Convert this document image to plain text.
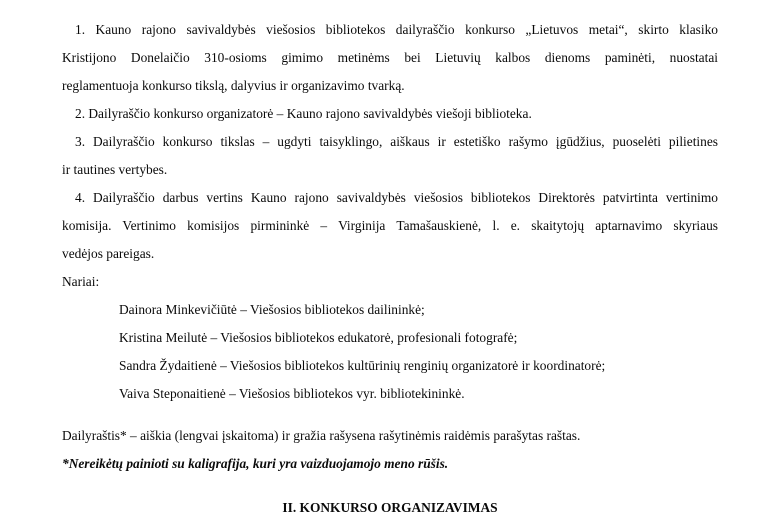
1. Kauno rajono savivaldybės viešosios bibliotekos dailyraščio konkurso „Lietuvos metai“, skirto klasiko
Kristijono Donelaičio 310-osioms gimimo metinėms bei Lietuvių kalbos dienoms paminėti, nuostatai
reglamentuoja konkurso tikslą, dalyvius ir organizavimo tvarką.

2. Dailyraščio konkurso organizatorė – Kauno rajono savivaldybės viešoji biblioteka.

3. Dailyraščio konkurso tikslas – ugdyti taisyklingo, aiškaus ir estetiško rašymo įgūdžius, puoselėti pilietines
ir tautines vertybes.

4. Dailyraščio darbus vertins Kauno rajono savivaldybės viešosios bibliotekos Direktorės patvirtinta vertinimo
komisija. Vertinimo komisijos pirmininkė – Virginija Tamašauskienė, l. e. skaitytojų aptarnavimo skyriaus
vedėjos pareigas.

Nariai:

Dainora Minkevičiūtė – Viešosios bibliotekos dailininkė;
Kristina Meilutė – Viešosios bibliotekos edukatorė, profesionali fotografė;
Sandra Žydaitienė – Viešosios bibliotekos kultūrinių renginių organizatorė ir koordinatorė;
Vaiva Steponaitienė – Viešosios bibliotekos vyr. bibliotekininkė.

Dailyraštis* – aiškia (lengvai įskaitoma) ir gražia rašysena rašytinėmis raidėmis parašytas raštas.

*Nereikėtų painioti su kaligrafija, kuri yra vaizduojamojo meno rūšis.

II. KONKURSO ORGANIZAVIMAS
